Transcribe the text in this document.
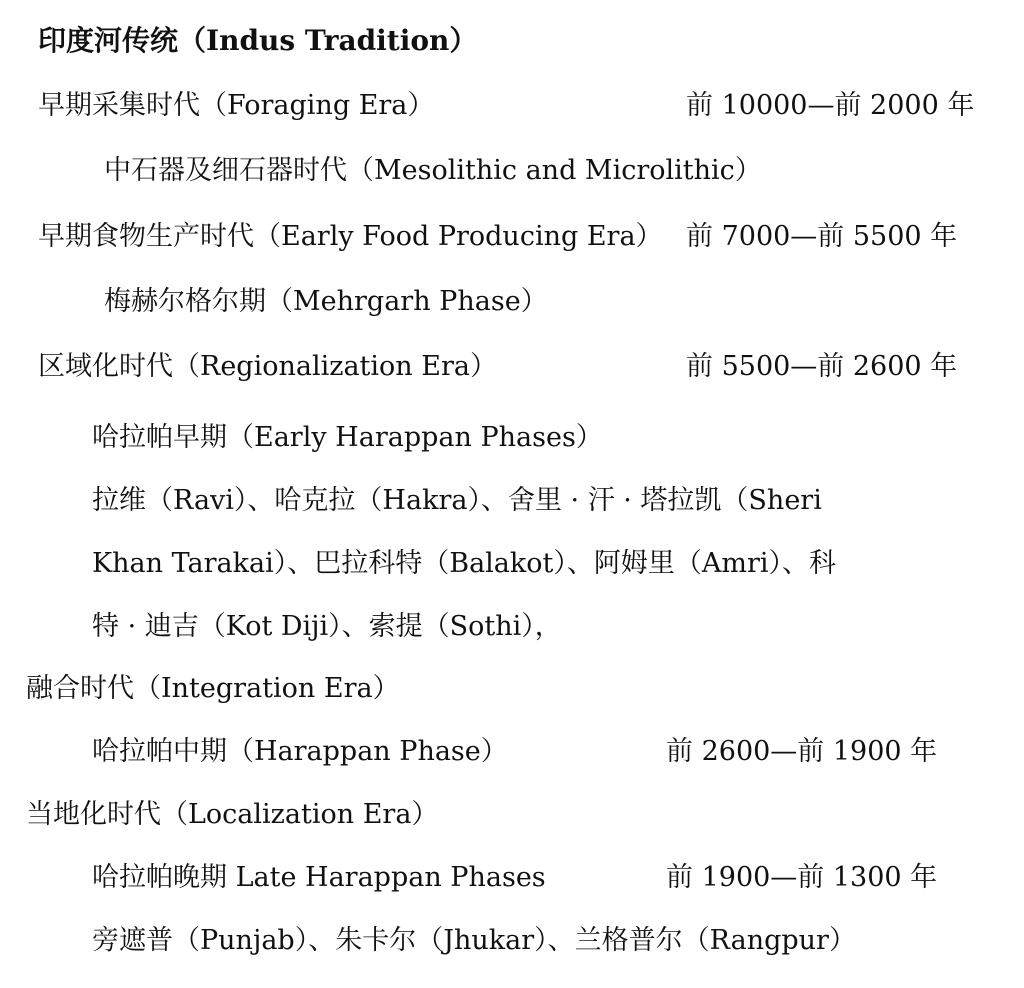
印度河传统（Indus Tradition）
早期采集时代（Foraging Era）	前 10000—前 2000 年
中石器及细石器时代（Mesolithic and Microlithic）
早期食物生产时代（Early Food Producing Era） 前 7000—前 5500 年
梅赫尔格尔期（Mehrgarh Phase）
区域化时代（Regionalization Era）	前 5500—前 2600 年
哈拉帕早期（Early Harappan Phases）
拉维（Ravi）、哈克拉（Hakra）、舍里 · 汗 · 塔拉凯（Sheri
Khan Tarakai）、巴拉科特（Balakot）、阿姆里（Amri）、科
特 · 迪吉（Kot Diji）、索提（Sothi），
融合时代（Integration Era）
哈拉帕中期（Harappan Phase）	前 2600—前 1900 年
当地化时代（Localization Era）
哈拉帕晚期 Late Harappan Phases	前 1900—前 1300 年
旁遮普（Punjab）、朱卡尔（Jhukar）、兰格普尔（Rangpur）
